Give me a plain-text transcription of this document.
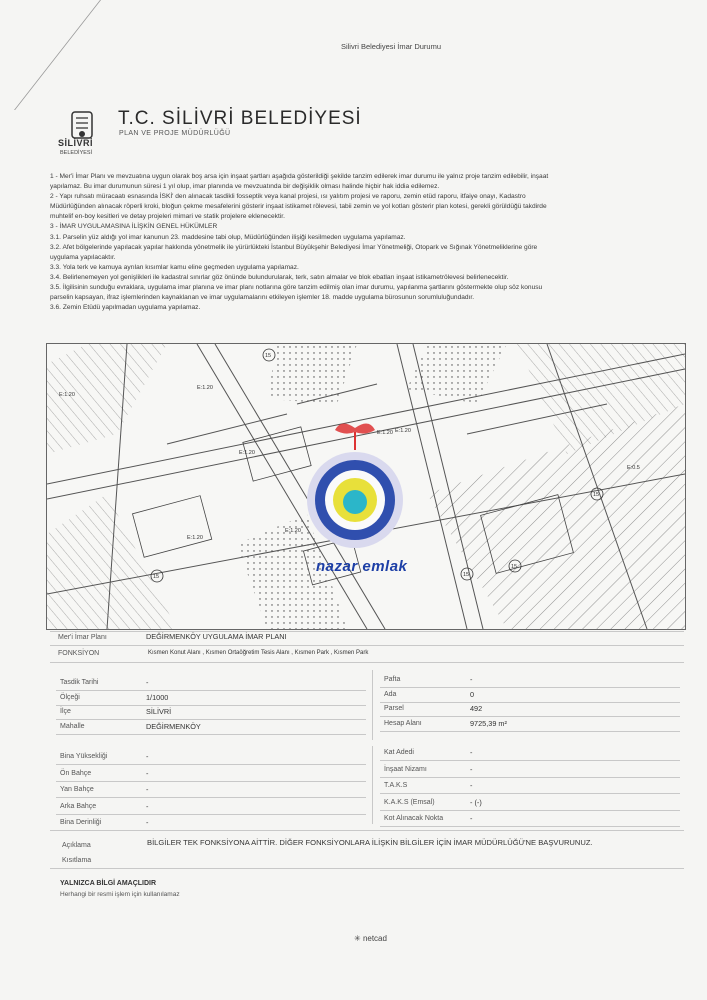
Silivri Belediyesi İmar Durumu
SİLİVRİ
BELEDİYESİ
T.C. SİLİVRİ BELEDİYESİ
PLAN VE PROJE MÜDÜRLÜĞÜ
1 - Mer'i İmar Planı ve mevzuatına uygun olarak boş arsa için inşaat şartları aşağıda gösterildiği şekilde tanzim edilerek imar durumu ile yalnız proje tanzim edilebilir, inşaat
yapılamaz. Bu imar durumunun süresi 1 yıl olup, imar planında ve mevzuatında bir değişiklik olması halinde hiçbir hak iddia edilemez.
2 - Yapı ruhsatı müracaatı esnasında İSKİ' den alınacak tasdikli fosseptik veya kanal projesi, ısı yalıtım projesi ve raporu, zemin etüd raporu, itfaiye onayı, Kadastro
Müdürlüğünden alınacak röperli kroki, bloğun çekme mesafelerini gösterir inşaat istikamet rölevesi, tabii zemin ve yol kotları gösterir plan kotesi, gerekli görüldüğü takdirde
muhtelif en-boy kesitleri ve detay projeleri mimari ve statik projelere eklenecektir.
3 - İMAR UYGULAMASINA İLİŞKİN GENEL HÜKÜMLER
3.1. Parselin yüz aldığı yol imar kanunun 23. maddesine tabi olup, Müdürlüğünden ilişiği kesilmeden uygulama yapılamaz.
3.2. Afet bölgelerinde yapılacak yapılar hakkında yönetmelik ile yürürlükteki İstanbul Büyükşehir Belediyesi İmar Yönetmeliği, Otopark ve Sığınak Yönetmeliklerine göre
uygulama yapılacaktır.
3.3. Yola terk ve kamuya ayrılan kısımlar kamu eline geçmeden uygulama yapılamaz.
3.4. Belirlenemeyen yol genişlikleri ile kadastral sınırlar göz önünde bulundurularak, terk, satın almalar ve blok ebatları inşaat istikametrölevesi belirlenecektir.
3.5. İlgilisinin sunduğu evraklara, uygulama imar planına ve imar planı notlarına göre tanzim edilmiş olan imar durumu, yapılanma şartlarını göstermekte olup söz konusu
parselin kapsayan, ifraz işlemlerinden kaynaklanan ve imar uygulamalarını etkileyen işlemler 18. madde uygulama bürosunun sorumluluğundadır.
3.6. Zemin Etüdü yapılmadan uygulama yapılamaz.
E:1.20
E:1.20
E:1.20
E:1.20 E:1.20
E:1.20
E:1.20
E:0.5
15
15
15
15
15
nazar emlak
Mer'i İmar Planı	DEĞİRMENKÖY UYGULAMA İMAR PLANI
FONKSİYON	Kısmen Konut Alanı , Kısmen Ortaöğretim Tesis Alanı , Kısmen Park , Kısmen Park
Tasdik Tarihi	-
Ölçeği	1/1000
İlçe	SİLİVRİ
Mahalle	DEĞİRMENKÖY
Pafta	-
Ada	0
Parsel	492
Hesap Alanı	9725,39 m²
Bina Yüksekliği	-
Ön Bahçe	-
Yan Bahçe	-
Arka Bahçe	-
Bina Derinliği	-
Kat Adedi	-
İnşaat Nizamı	-
T.A.K.S	-
K.A.K.S (Emsal)	- (-)
Kot Alınacak Nokta	-
Açıklama	BİLGİLER TEK FONKSİYONA AİTTİR. DİĞER FONKSİYONLARA İLİŞKİN BİLGİLER İÇİN İMAR MÜDÜRLÜĞÜ'NE BAŞVURUNUZ.
Kısıtlama
YALNIZCA BİLGİ AMAÇLIDIR
Herhangi bir resmi işlem için kullanılamaz
✳ netcad
